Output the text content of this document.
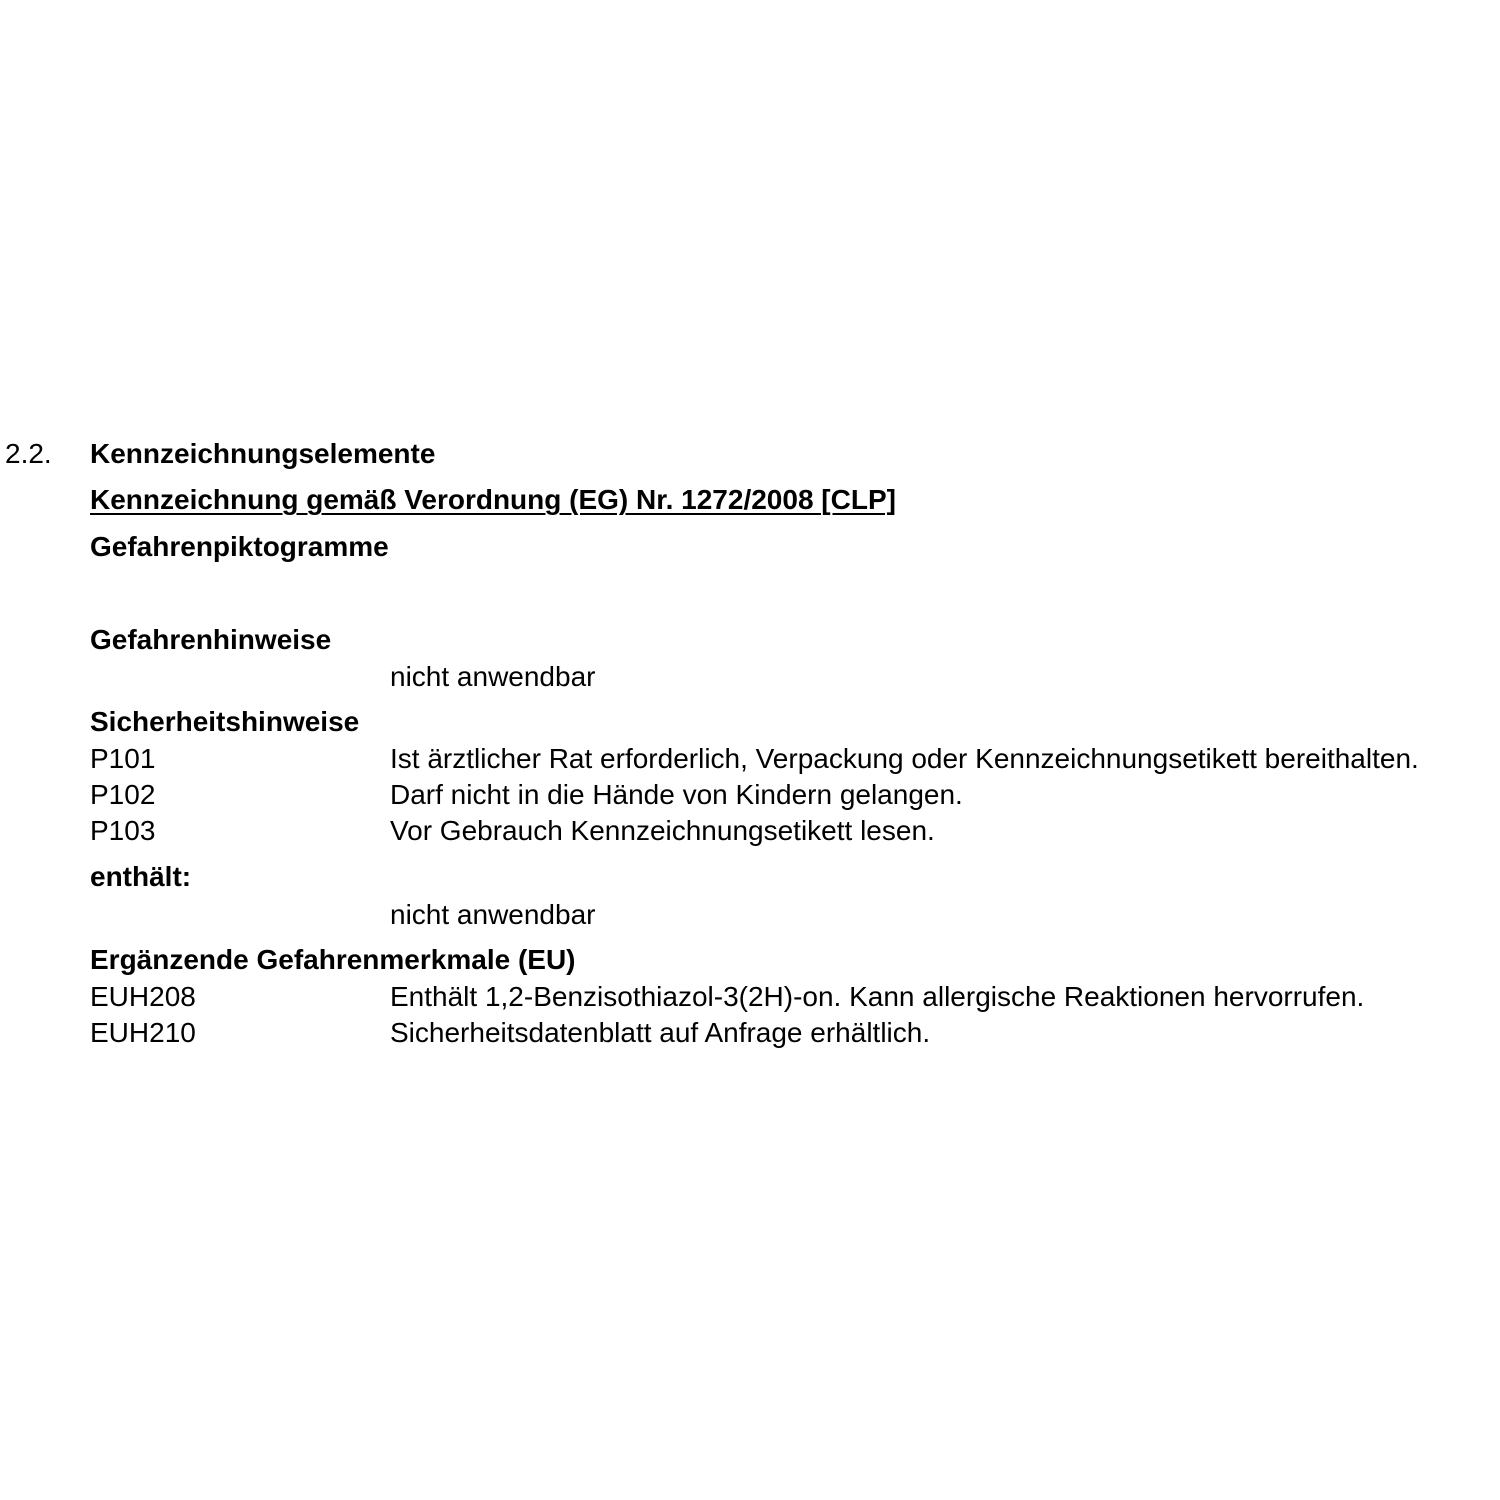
2.2. Kennzeichnungselemente
Kennzeichnung gemäß Verordnung (EG) Nr. 1272/2008 [CLP]
Gefahrenpiktogramme
Gefahrenhinweise
nicht anwendbar
Sicherheitshinweise
P101	Ist ärztlicher Rat erforderlich, Verpackung oder Kennzeichnungsetikett bereithalten.
P102	Darf nicht in die Hände von Kindern gelangen.
P103	Vor Gebrauch Kennzeichnungsetikett lesen.
enthält:
nicht anwendbar
Ergänzende Gefahrenmerkmale (EU)
EUH208	Enthält 1,2-Benzisothiazol-3(2H)-on. Kann allergische Reaktionen hervorrufen.
EUH210	Sicherheitsdatenblatt auf Anfrage erhältlich.
